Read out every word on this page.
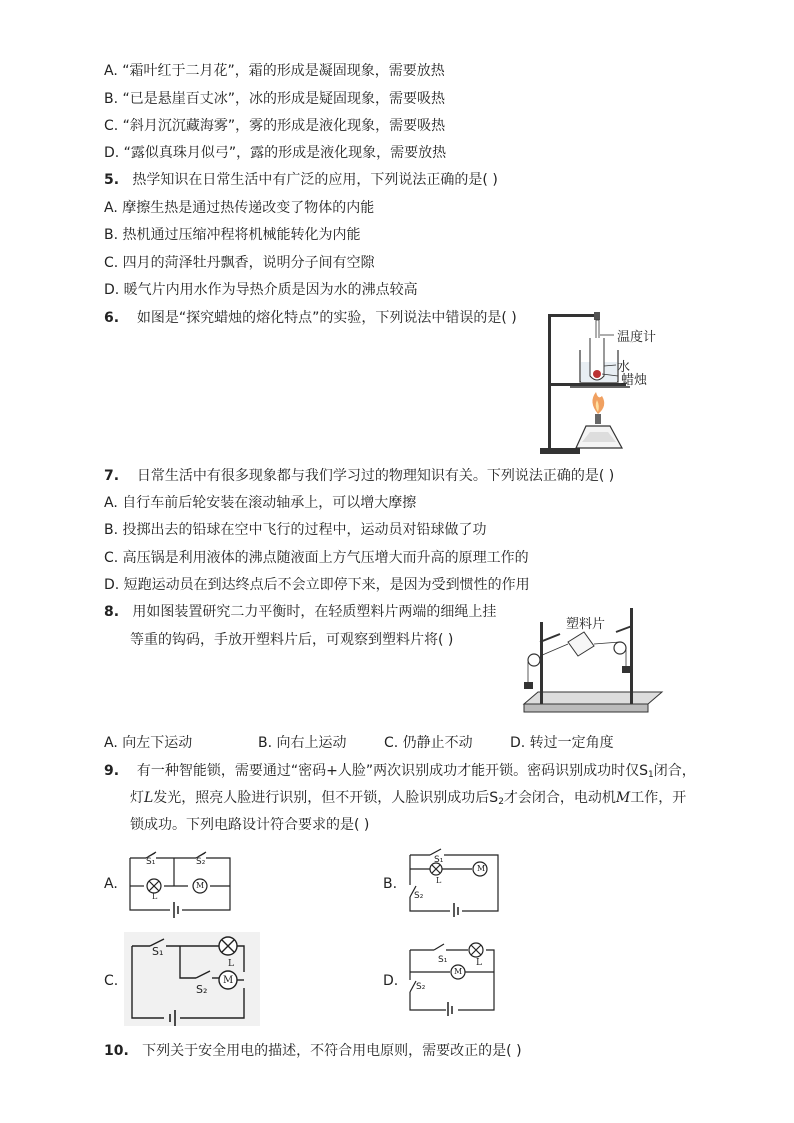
A. “霜叶红于二月花”，霜的形成是凝固现象，需要放热
B. “已是悬崖百丈冰”，冰的形成是疑固现象，需要吸热
C. “斜月沉沉藏海雾”，雾的形成是液化现象，需要吸热
D. “露似真珠月似弓”，露的形成是液化现象，需要放热
5. 热学知识在日常生活中有广泛的应用，下列说法正确的是( )
A. 摩擦生热是通过热传递改变了物体的内能
B. 热机通过压缩冲程将机械能转化为内能
C. 四月的菏泽牡丹飘香，说明分子间有空隙
D. 暖气片内用水作为导热介质是因为水的沸点较高
6. 如图是“探究蜡烛的熔化特点”的实验，下列说法中错误的是( )
温度计
水
蜡烛
7. 日常生活中有很多现象都与我们学习过的物理知识有关。下列说法正确的是( )
A. 自行车前后轮安装在滚动轴承上，可以增大摩擦
B. 投掷出去的铅球在空中飞行的过程中，运动员对铅球做了功
C. 高压锅是利用液体的沸点随液面上方气压增大而升高的原理工作的
D. 短跑运动员在到达终点后不会立即停下来，是因为受到惯性的作用
8. 用如图装置研究二力平衡时，在轻质塑料片两端的细绳上挂
等重的钩码，手放开塑料片后，可观察到塑料片将( )
塑料片
A. 向左下运动	B. 向右上运动	C. 仍静止不动	D. 转过一定角度
9. 有一种智能锁，需要通过“密码+人脸”两次识别成功才能开锁。密码识别成功时仅$S_1$闭合，
灯L发光，照亮人脸进行识别，但不开锁，人脸识别成功后$S_2$才会闭合，电动机M工作，开
锁成功。下列电路设计符合要求的是( )
A.
S₁	S₂
M
L
B.
S₁
S₂
M
L
C.
S₁
S₂
M
L
D.
S₁
S₂
M
L
10. 下列关于安全用电的描述，不符合用电原则，需要改正的是( )
